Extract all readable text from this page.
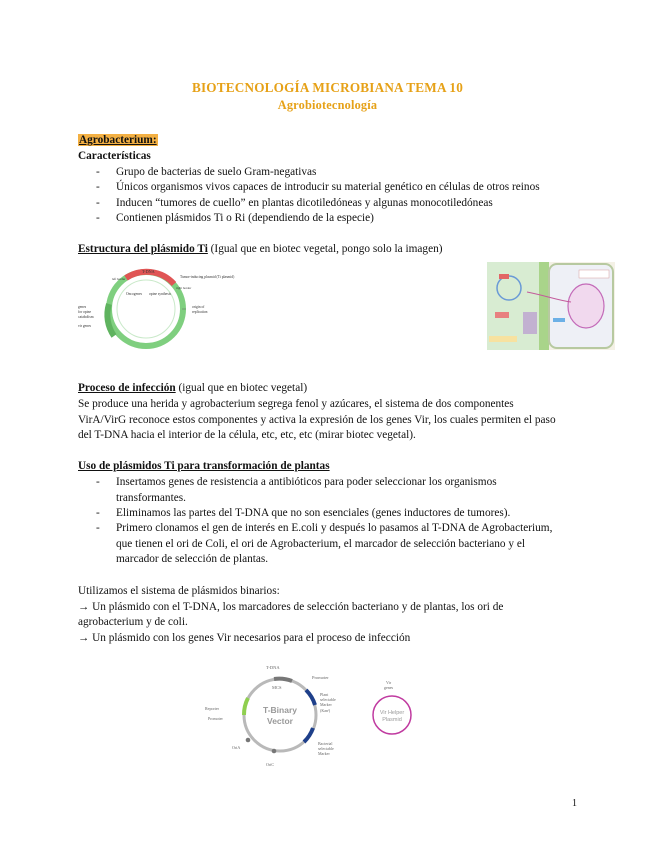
BIOTECNOLOGÍA MICROBIANA TEMA 10
Agrobiotecnología
Agrobacterium:
Características
- Grupo de bacterias de suelo Gram-negativas
- Únicos organismos vivos capaces de introducir su material genético en células de otros reinos
- Inducen “tumores de cuello” en plantas dicotiledóneas y algunas monocotiledóneas
- Contienen plásmidos Ti o Ri (dependiendo de la especie)
Estructura del plásmido Ti (Igual que en biotec vegetal, pongo solo la imagen)
T-DNA
Oncogenes opine synthesis
Tumor-inducing plasmid (Ti plasmid)
origin of
replication
genes
for opine
catabolism
vir genes
left border
right border
Proceso de infección (igual que en biotec vegetal)
Se produce una herida y agrobacterium segrega fenol y azúcares, el sistema de dos componentes
VirA/VirG reconoce estos componentes y activa la expresión de los genes Vir, los cuales permiten el paso
del T-DNA hacia el interior de la célula, etc, etc, etc (mirar biotec vegetal).
Uso de plásmidos Ti para transformación de plantas
- Insertamos genes de resistencia a antibióticos para poder seleccionar los organismos
transformantes.
- Eliminamos las partes del T-DNA que no son esenciales (genes inductores de tumores).
- Primero clonamos el gen de interés en E.coli y después lo pasamos al T-DNA de Agrobacterium,
que tienen el ori de Coli, el ori de Agrobacterium, el marcador de selección bacteriano y el
marcador de selección de plantas.
Utilizamos el sistema de plásmidos binarios:
→ Un plásmido con el T-DNA, los marcadores de selección bacteriano y de plantas, los ori de
agrobacterium y de coli.
→ Un plásmido con los genes Vir necesarios para el proceso de infección
T-Binary
Vector
T-DNA
MCS
Promoter
Plant
selectable
Marker
(Kanʳ)
Bacterial
selectable
Marker
Reporter
Promoter
OriA
OriC
Vir Helper
Plasmid
Vir
genes
1
